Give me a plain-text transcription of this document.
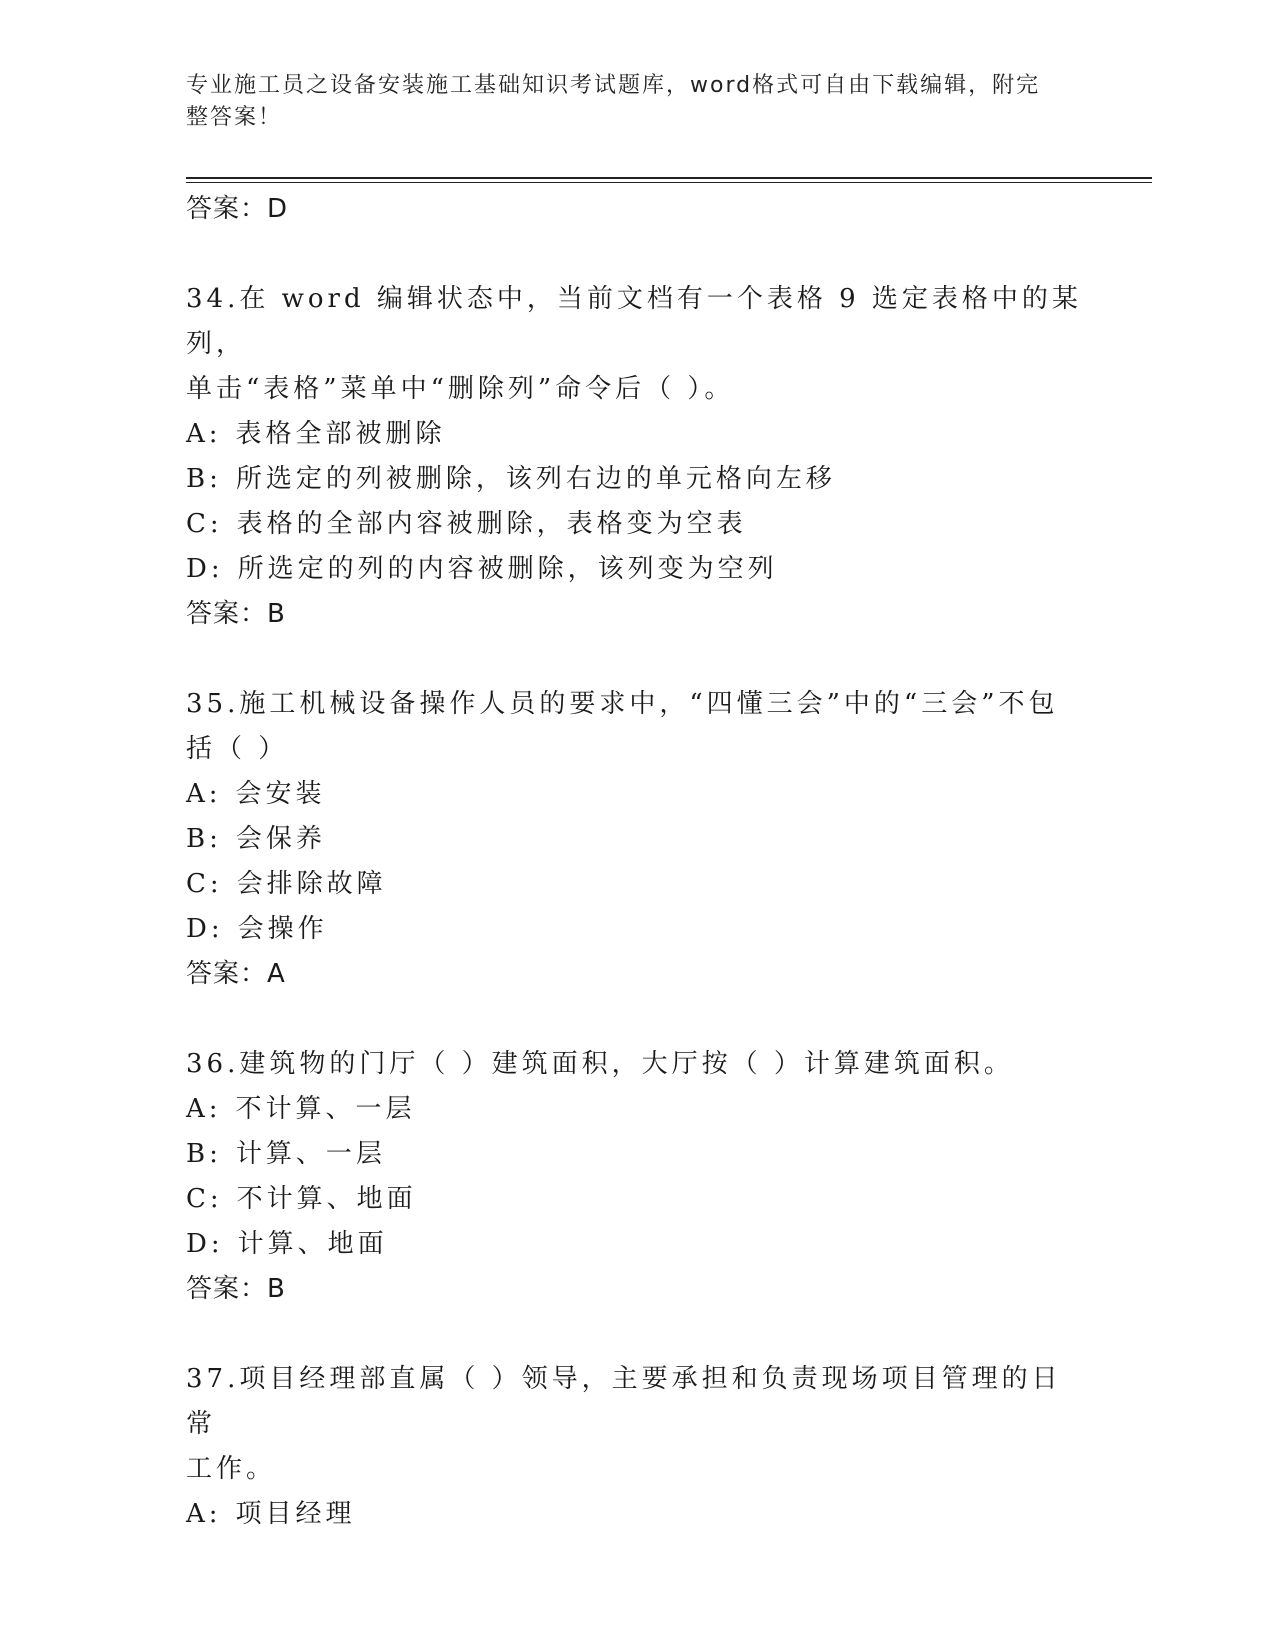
专业施工员之设备安装施工基础知识考试题库，word格式可自由下载编辑，附完
整答案！
答案：D
34.在 word 编辑状态中，当前文档有一个表格 9 选定表格中的某列，
单击“表格”菜单中“删除列”命令后（ ）。
A: 表格全部被删除
B: 所选定的列被删除，该列右边的单元格向左移
C: 表格的全部内容被删除，表格变为空表
D: 所选定的列的内容被删除，该列变为空列
答案：B
35.施工机械设备操作人员的要求中，“四懂三会”中的“三会”不包
括（ ）
A: 会安装
B: 会保养
C: 会排除故障
D: 会操作
答案：A
36.建筑物的门厅（ ）建筑面积，大厅按（ ）计算建筑面积。
A: 不计算、一层
B: 计算、一层
C: 不计算、地面
D: 计算、地面
答案：B
37.项目经理部直属（ ）领导，主要承担和负责现场项目管理的日常
工作。
A: 项目经理
